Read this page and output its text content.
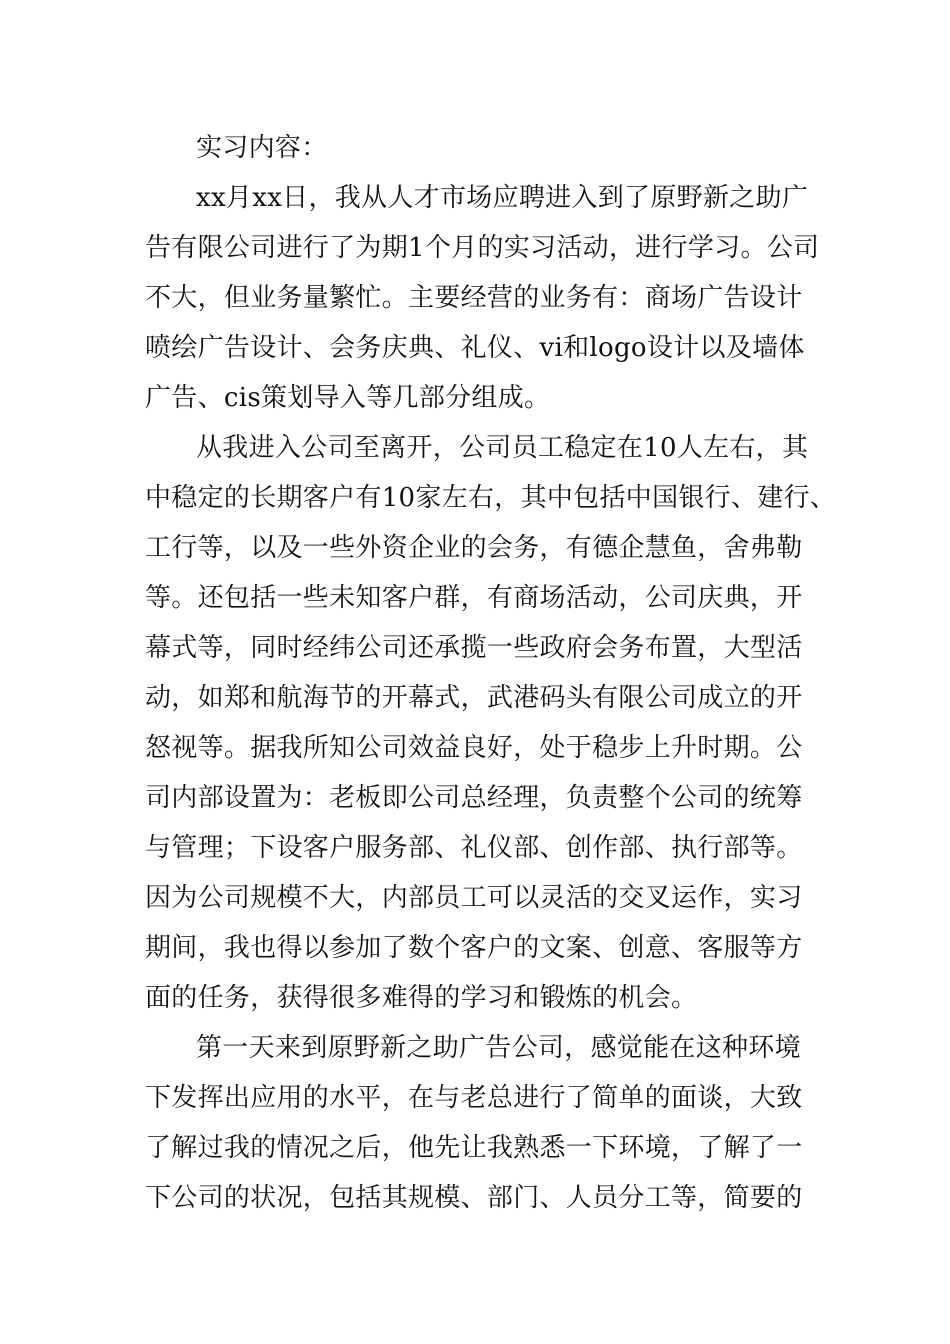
实习内容：
xx月xx日，我从人才市场应聘进入到了原野新之助广
告有限公司进行了为期1个月的实习活动，进行学习。公司
不大，但业务量繁忙。主要经营的业务有：商场广告设计
喷绘广告设计、会务庆典、礼仪、vi和logo设计以及墙体
广告、cis策划导入等几部分组成。
从我进入公司至离开，公司员工稳定在10人左右，其
中稳定的长期客户有10家左右，其中包括中国银行、建行、
工行等，以及一些外资企业的会务，有德企慧鱼，舍弗勒
等。还包括一些未知客户群，有商场活动，公司庆典，开
幕式等，同时经纬公司还承揽一些政府会务布置，大型活
动，如郑和航海节的开幕式，武港码头有限公司成立的开
怒视等。据我所知公司效益良好，处于稳步上升时期。公
司内部设置为：老板即公司总经理，负责整个公司的统筹
与管理；下设客户服务部、礼仪部、创作部、执行部等。
因为公司规模不大，内部员工可以灵活的交叉运作，实习
期间，我也得以参加了数个客户的文案、创意、客服等方
面的任务，获得很多难得的学习和锻炼的机会。
第一天来到原野新之助广告公司，感觉能在这种环境
下发挥出应用的水平，在与老总进行了简单的面谈，大致
了解过我的情况之后，他先让我熟悉一下环境，了解了一
下公司的状况，包括其规模、部门、人员分工等，简要的
